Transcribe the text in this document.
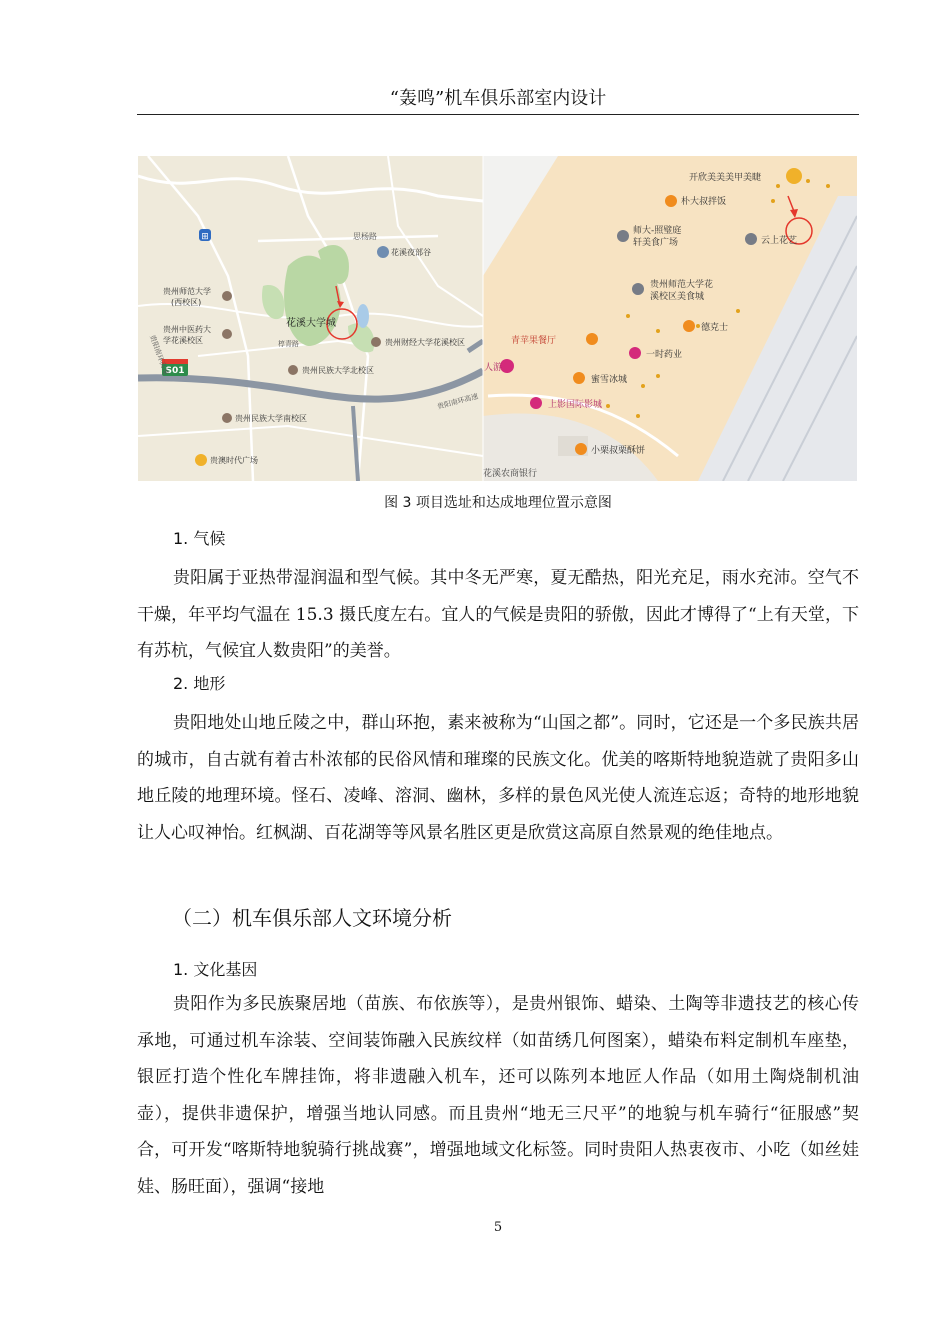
“轰鸣”机车俱乐部室内设计
S01
⊞	思杨路
花溪夜部谷
贵州师范大学
(西校区)
贵州中医药大
学花溪校区
花溪大学城
贵州财经大学花溪校区
椁青路
贵州民族大学北校区
贵州民族大学南校区
贵澳时代广场
贵阳南环高速
贵阳南环高速
开欣美美美甲美睫
朴大叔拌饭
师大-照璧庭
轩美食广场	云上花艺
贵州师范大学花
溪校区美食城
德克士
青苹果餐厅
一时药业
人游
蜜雪冰城
上影国际影城
小栗叔栗酥饼
花溪农商银行
图 3 项目选址和达成地理位置示意图
1. 气候

贵阳属于亚热带湿润温和型气候。其中冬无严寒，夏无酷热，阳光充足，雨水充沛。空气不干燥，年平均气温在 15.3 摄氏度左右。宜人的气候是贵阳的骄傲，因此才博得了“上有天堂，下有苏杭，气候宜人数贵阳”的美誉。

2. 地形

贵阳地处山地丘陵之中，群山环抱，素来被称为“山国之都”。同时，它还是一个多民族共居的城市，自古就有着古朴浓郁的民俗风情和璀璨的民族文化。优美的喀斯特地貌造就了贵阳多山地丘陵的地理环境。怪石、凌峰、溶洞、幽林，多样的景色风光使人流连忘返；奇特的地形地貌让人心叹神怡。红枫湖、百花湖等等风景名胜区更是欣赏这高原自然景观的绝佳地点。

（二）机车俱乐部人文环境分析
1. 文化基因

贵阳作为多民族聚居地（苗族、布依族等），是贵州银饰、蜡染、土陶等非遗技艺的核心传承地，可通过机车涂装、空间装饰融入民族纹样（如苗绣几何图案），蜡染布料定制机车座垫，银匠打造个性化车牌挂饰，将非遗融入机车，还可以陈列本地匠人作品（如用土陶烧制机油壶），提供非遗保护，增强当地认同感。而且贵州“地无三尺平”的地貌与机车骑行“征服感”契合，可开发“喀斯特地貌骑行挑战赛”，增强地域文化标签。同时贵阳人热衷夜市、小吃（如丝娃娃、肠旺面），强调“接地

5
